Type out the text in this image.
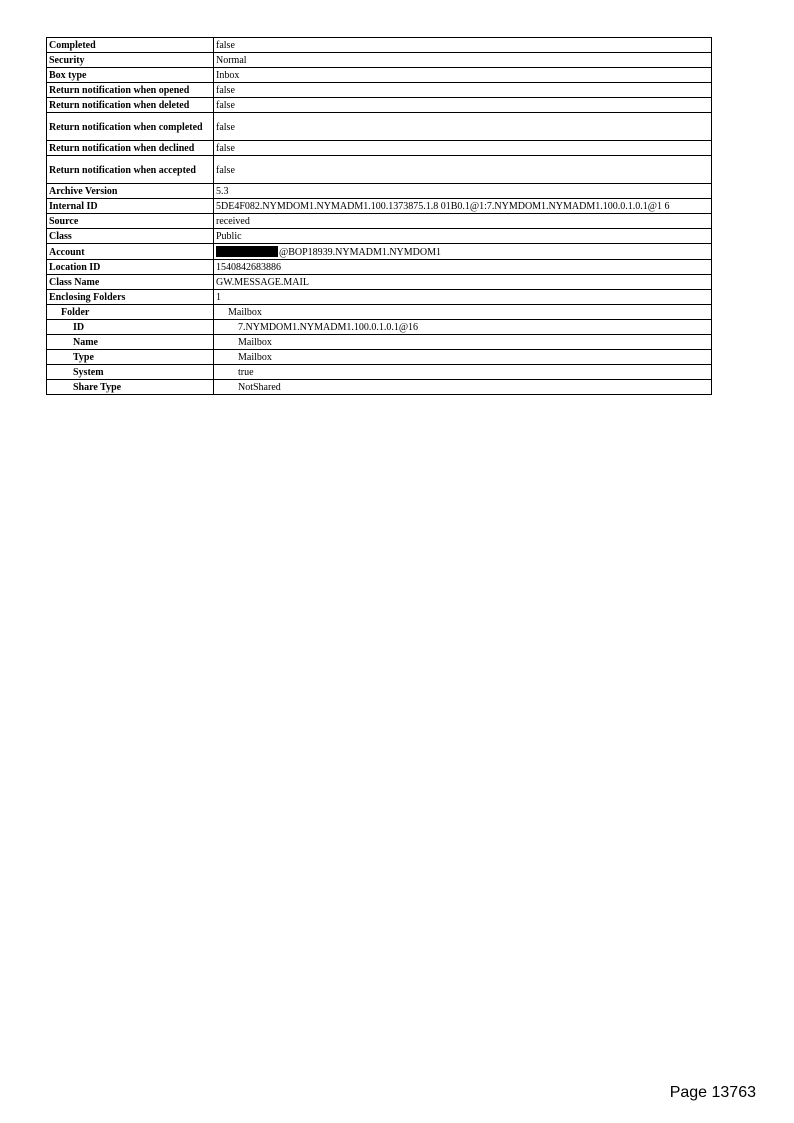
Completed	false
Security	Normal
Box type	Inbox
Return notification when opened	false
Return notification when deleted	false
Return notification when completed	false
Return notification when declined	false
Return notification when accepted	false
Archive Version	5.3
Internal ID	5DE4F082.NYMDOM1.NYMADM1.100.1373875.1.8 01B0.1@1:7.NYMDOM1.NYMADM1.100.0.1.0.1@1 6
Source	received
Class	Public
Account	@BOP18939.NYMADM1.NYMDOM1
Location ID	1540842683886
Class Name	GW.MESSAGE.MAIL
Enclosing Folders	1
Folder	Mailbox
ID	7.NYMDOM1.NYMADM1.100.0.1.0.1@16
Name	Mailbox
Type	Mailbox
System	true
Share Type	NotShared
Page 13763
